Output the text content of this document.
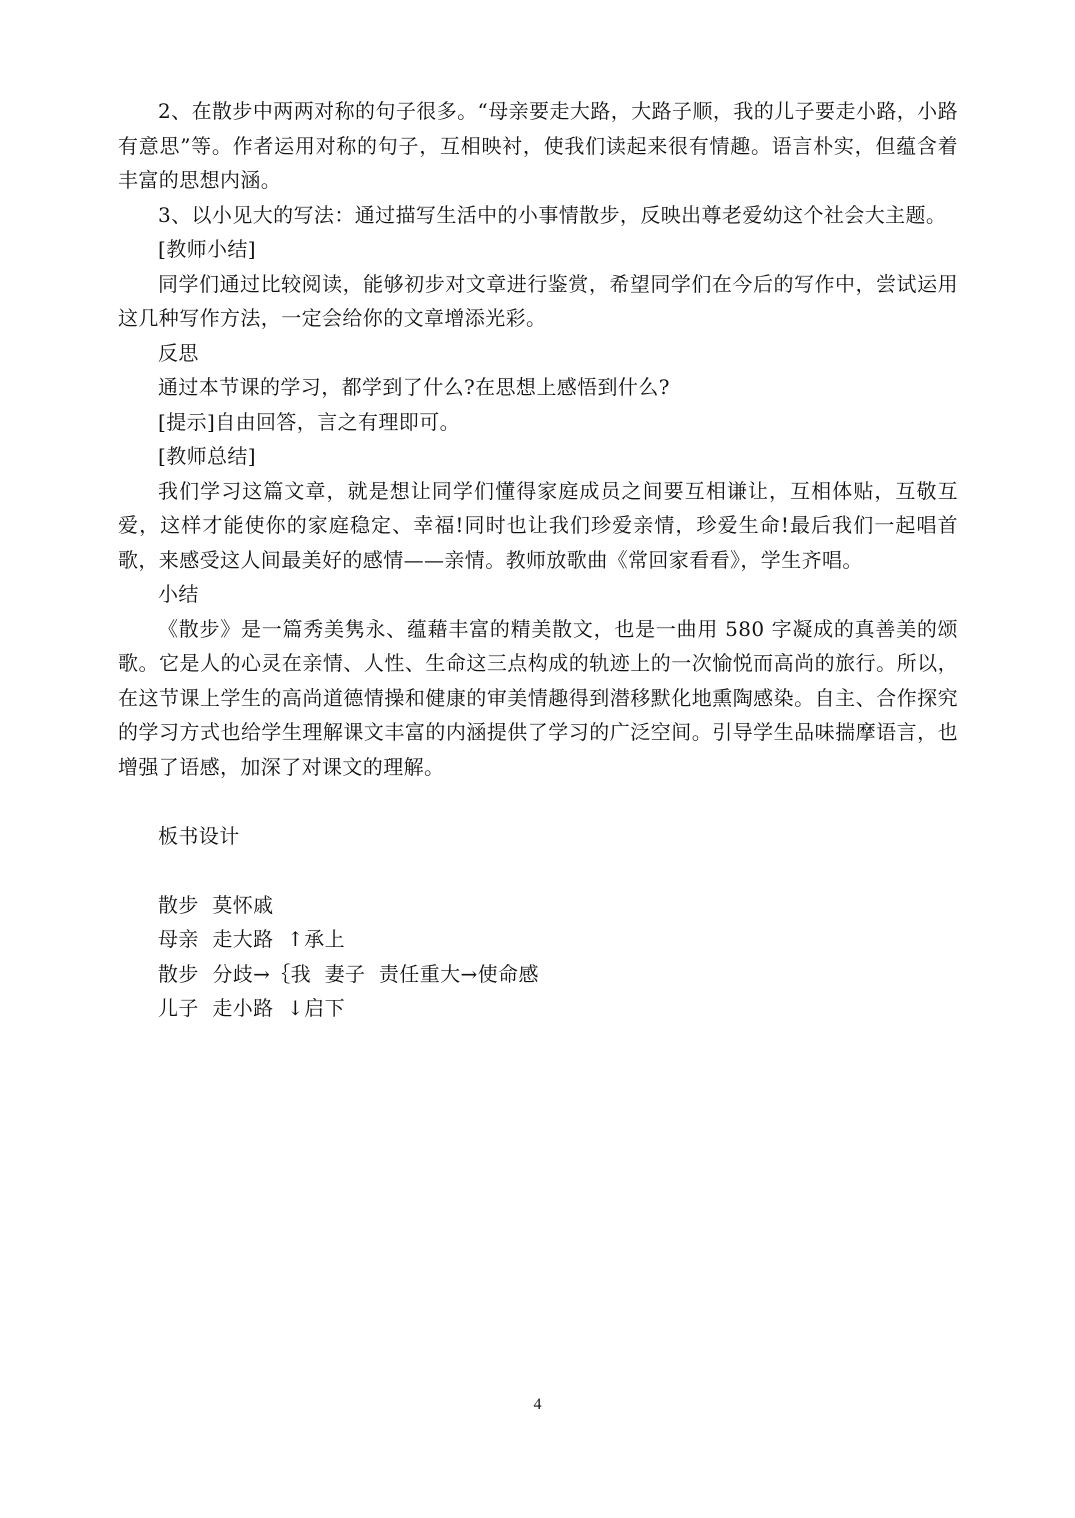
2、在散步中两两对称的句子很多。“母亲要走大路，大路子顺，我的儿子要走小路，小路有意思”等。作者运用对称的句子，互相映衬，使我们读起来很有情趣。语言朴实，但蕴含着丰富的思想内涵。

3、以小见大的写法：通过描写生活中的小事情散步，反映出尊老爱幼这个社会大主题。

[教师小结]

同学们通过比较阅读，能够初步对文章进行鉴赏，希望同学们在今后的写作中，尝试运用这几种写作方法，一定会给你的文章增添光彩。

反思

通过本节课的学习，都学到了什么?在思想上感悟到什么?

[提示]自由回答，言之有理即可。

[教师总结]

我们学习这篇文章，就是想让同学们懂得家庭成员之间要互相谦让，互相体贴，互敬互爱，这样才能使你的家庭稳定、幸福!同时也让我们珍爱亲情，珍爱生命!最后我们一起唱首歌，来感受这人间最美好的感情——亲情。教师放歌曲《常回家看看》，学生齐唱。

小结

《散步》是一篇秀美隽永、蕴藉丰富的精美散文，也是一曲用 580 字凝成的真善美的颂歌。它是人的心灵在亲情、人性、生命这三点构成的轨迹上的一次愉悦而高尚的旅行。所以，在这节课上学生的高尚道德情操和健康的审美情趣得到潜移默化地熏陶感染。自主、合作探究的学习方式也给学生理解课文丰富的内涵提供了学习的广泛空间。引导学生品味揣摩语言，也增强了语感，加深了对课文的理解。

板书设计

散步  莫怀戚

母亲  走大路  ↑承上

散步  分歧→｛我  妻子  责任重大→使命感

儿子  走小路  ↓启下

4
